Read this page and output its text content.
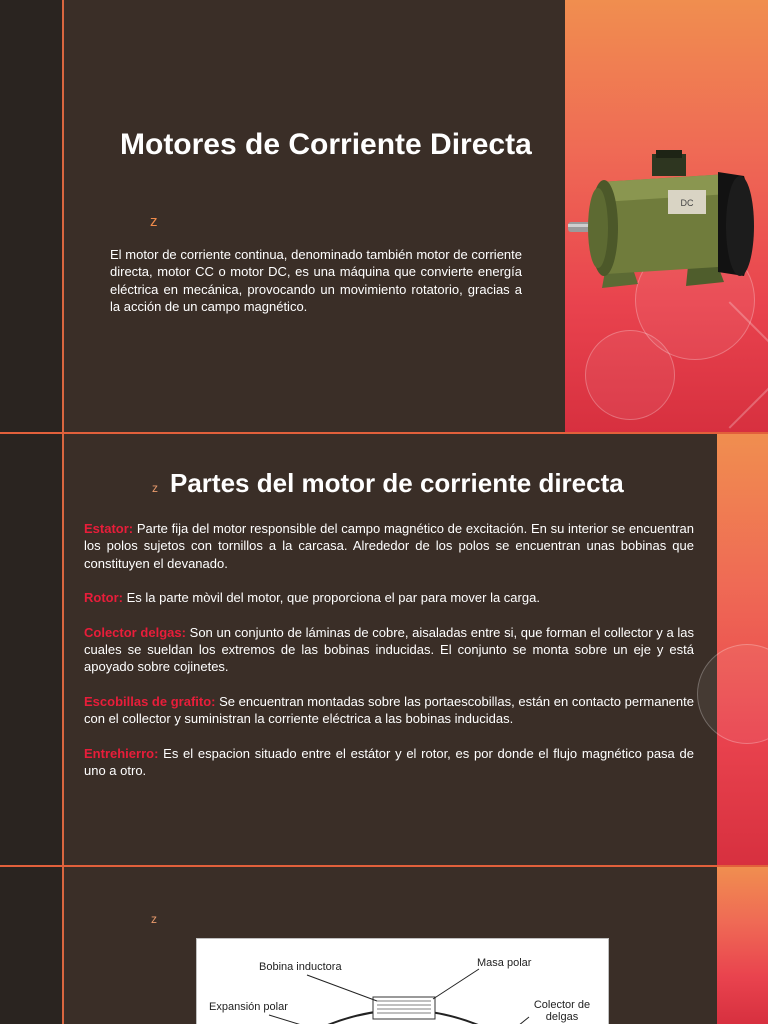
Motores de Corriente Directa
z

El motor de corriente continua, denominado también motor de corriente directa, motor CC o motor DC, es una máquina que convierte energía eléctrica en mecánica, provocando un movimiento rotatorio, gracias a la acción de un campo magnético.

DC
z Partes del motor de corriente directa

Estator: Parte fija del motor responsible del campo magnético de excitación. En su interior se encuentran los polos sujetos con tornillos a la carcasa. Alrededor de los polos se encuentran unas bobinas que constituyen el devanado.

Rotor: Es la parte mòvil del motor, que proporciona el par para mover la carga.

Colector delgas: Son un conjunto de láminas de cobre, aisaladas entre si, que forman el collector y a las cuales se sueldan los extremos de las bobinas inducidas. El conjunto se monta sobre un eje y está apoyado sobre cojinetes.

Escobillas de grafito: Se encuentran montadas sobre las portaescobillas, están en contacto permanente con el collector y suministran la corriente eléctrica a las bobinas inducidas.

Entrehierro: Es el espacion situado entre el estátor y el rotor, es por donde el flujo magnético pasa de uno a otro.

z
Bobina inductora	Masa polar
Expansión polar	Colector de delgas
